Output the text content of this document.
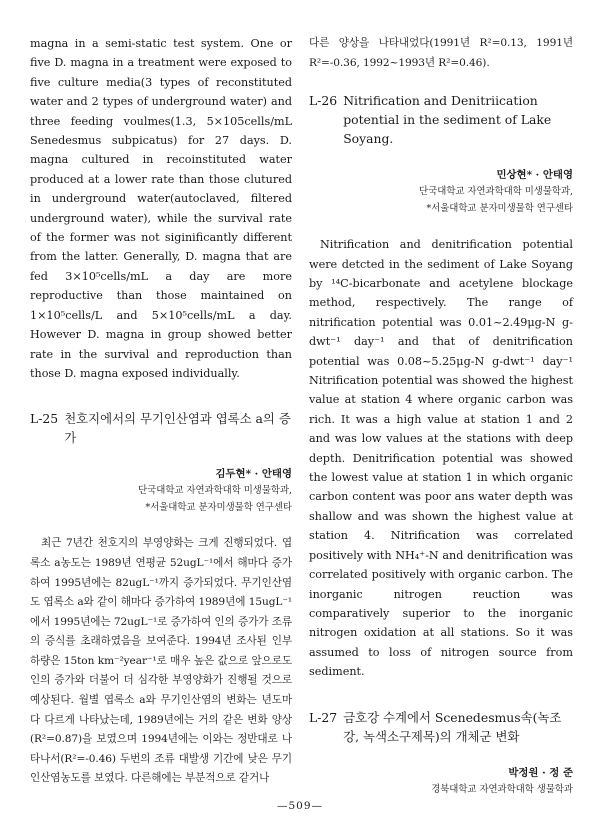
magna in a semi-static test system. One or five D. magna in a treatment were exposed to five culture media(3 types of reconstituted water and 2 types of underground water) and three feeding voulmes(1.3, 5×105cells/mL Senedesmus subpicatus) for 27 days. D. magna cultured in recoinstituted water produced at a lower rate than those clutured in underground water(autoclaved, filtered underground water), while the survival rate of the former was not siginificantly different from the latter. Generally, D. magna that are fed 3×10⁵cells/mL a day are more reproductive than those maintained on 1×10⁵cells/L and 5×10⁵cells/mL a day. However D. magna in group showed better rate in the survival and reproduction than those D. magna exposed individually.

L-25 천호지에서의 무기인산염과 엽록소 a의 증가

김두현* · 안태영

단국대학교 자연과학대학 미생물학과,

*서울대학교 분자미생물학 연구센타

최근 7년간 천호지의 부영양화는 크게 진행되었다. 엽록소 a농도는 1989년 연평균 52ugL⁻¹에서 해마다 증가하여 1995년에는 82ugL⁻¹까지 증가되었다. 무기인산염도 엽록소 a와 같이 해마다 증가하여 1989년에 15ugL⁻¹에서 1995년에는 72ugL⁻¹로 증가하여 인의 증가가 조류의 증식를 초래하였음을 보여준다. 1994년 조사된 인부하량은 15ton km⁻²year⁻¹로 매우 높은 값으로 앞으로도 인의 증가와 더불어 더 심각한 부영양화가 진행될 것으로 예상된다. 월별 엽록소 a와 무기인산염의 변화는 년도마다 다르게 나타났는데, 1989년에는 거의 같은 변화 양상(R²=0.87)을 보였으며 1994년에는 이와는 정반대로 나타나서(R²=-0.46) 두번의 조류 대발생 기간에 낮은 무기인산염농도를 보였다. 다른해에는 부분적으로 같거나

다른 양상을 나타내었다(1991년 R²=0.13, 1991년 R²=-0.36, 1992~1993년 R²=0.46).

L-26 Nitrification and Denitriication potential in the sediment of Lake Soyang.

민상현* · 안태영

단국대학교 자연과학대학 미생물학과,

*서울대학교 분자미생물학 연구센타

Nitrification and denitrification potential were detcted in the sediment of Lake Soyang by ¹⁴C-bicarbonate and acetylene blockage method, respectively. The range of nitrification potential was 0.01~2.49μg-N g-dwt⁻¹ day⁻¹ and that of denitrification potential was 0.08~5.25μg-N g-dwt⁻¹ day⁻¹ Nitrification potential was showed the highest value at station 4 where organic carbon was rich. It was a high value at station 1 and 2 and was low values at the stations with deep depth. Denitrification potential was showed the lowest value at station 1 in which organic carbon content was poor ans water depth was shallow and was shown the highest value at station 4. Nitrification was correlated positively with NH₄⁺-N and denitrification was correlated positively with organic carbon. The inorganic nitrogen reuction was comparatively superior to the inorganic nitrogen oxidation at all stations. So it was assumed to loss of nitrogen source from sediment.

L-27 금호강 수계에서 Scenedesmus속(녹조강, 녹색소구제목)의 개체군 변화

박정원 · 정 준

경북대학교 자연과학대학 생물학과

—509—
